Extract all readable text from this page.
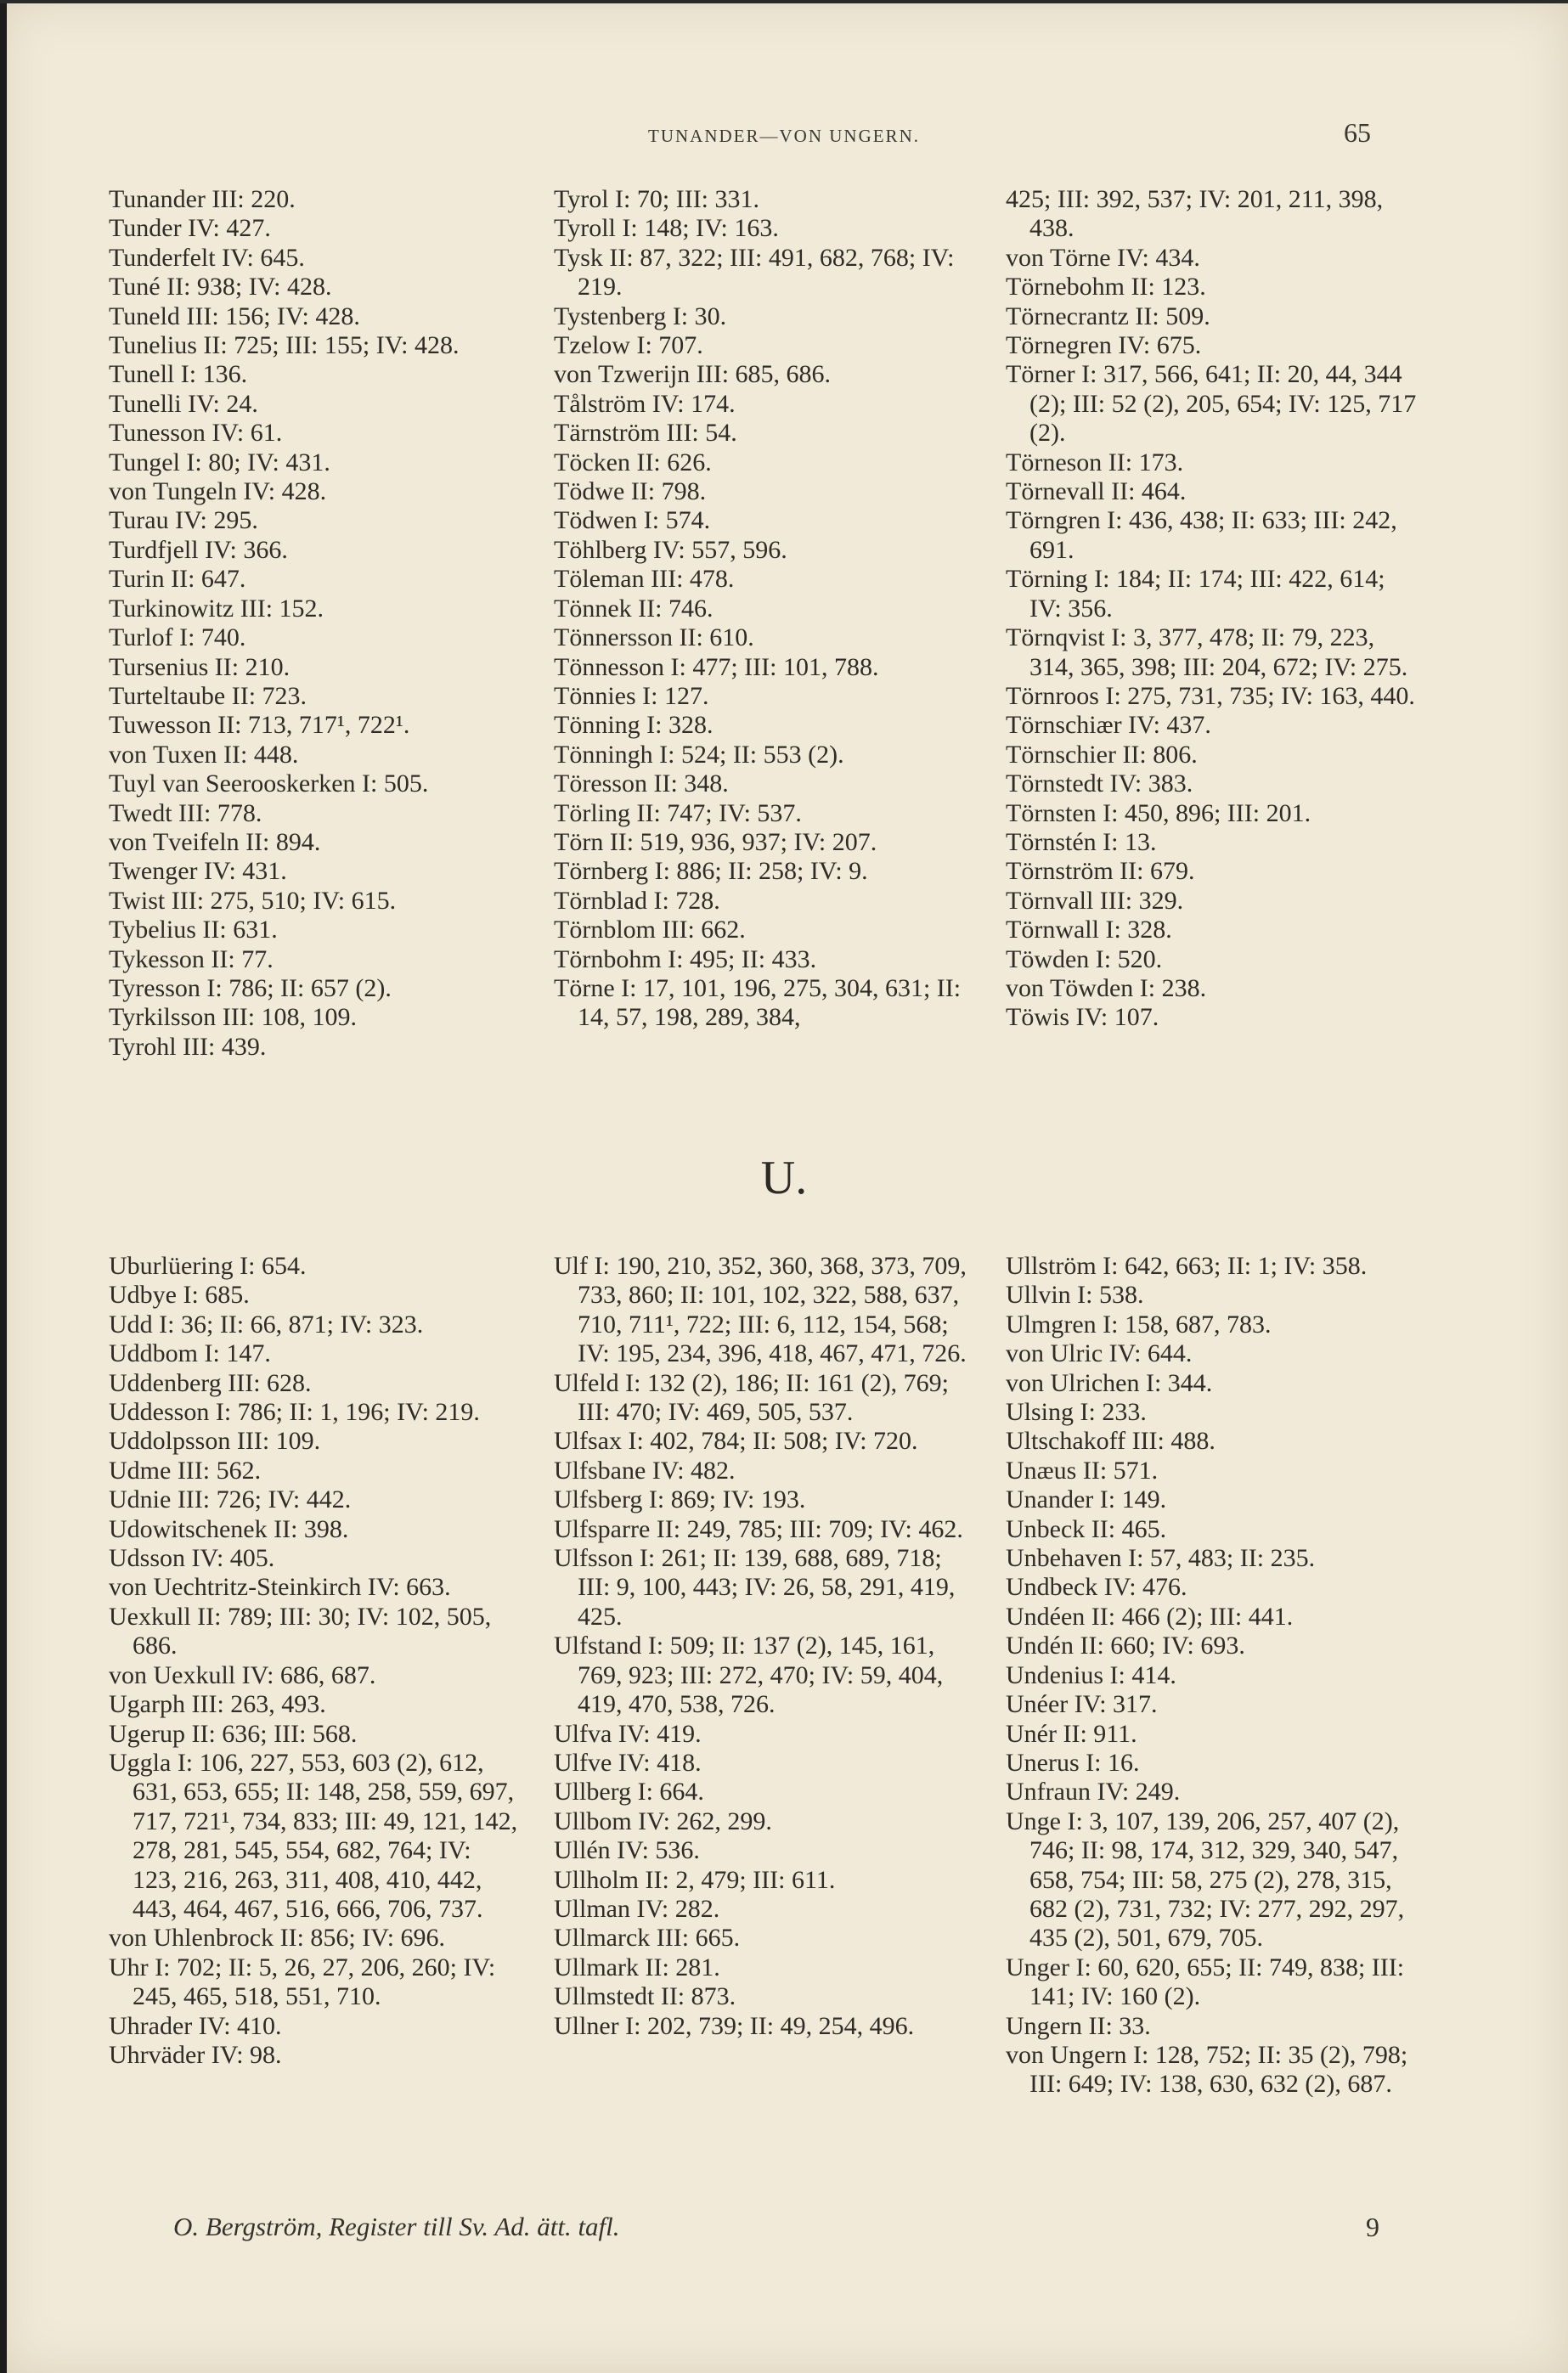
TUNANDER—VON UNGERN.	65
Tunander III: 220.
Tunder IV: 427.
Tunderfelt IV: 645.
Tuné II: 938; IV: 428.
Tuneld III: 156; IV: 428.
Tunelius II: 725; III: 155; IV: 428.
Tunell I: 136.
Tunelli IV: 24.
Tunesson IV: 61.
Tungel I: 80; IV: 431.
von Tungeln IV: 428.
Turau IV: 295.
Turdfjell IV: 366.
Turin II: 647.
Turkinowitz III: 152.
Turlof I: 740.
Tursenius II: 210.
Turteltaube II: 723.
Tuwesson II: 713, 717¹, 722¹.
von Tuxen II: 448.
Tuyl van Seerooskerken I: 505.
Twedt III: 778.
von Tveifeln II: 894.
Twenger IV: 431.
Twist III: 275, 510; IV: 615.
Tybelius II: 631.
Tykesson II: 77.
Tyresson I: 786; II: 657 (2).
Tyrkilsson III: 108, 109.
Tyrohl III: 439.
Tyrol I: 70; III: 331.
Tyroll I: 148; IV: 163.
Tysk II: 87, 322; III: 491, 682, 768; IV: 219.
Tystenberg I: 30.
Tzelow I: 707.
von Tzwerijn III: 685, 686.
Tålström IV: 174.
Tärnström III: 54.
Töcken II: 626.
Tödwe II: 798.
Tödwen I: 574.
Töhlberg IV: 557, 596.
Töleman III: 478.
Tönnek II: 746.
Tönnersson II: 610.
Tönnesson I: 477; III: 101, 788.
Tönnies I: 127.
Tönning I: 328.
Tönningh I: 524; II: 553 (2).
Töresson II: 348.
Törling II: 747; IV: 537.
Törn II: 519, 936, 937; IV: 207.
Törnberg I: 886; II: 258; IV: 9.
Törnblad I: 728.
Törnblom III: 662.
Törnbohm I: 495; II: 433.
Törne I: 17, 101, 196, 275, 304, 631; II: 14, 57, 198, 289, 384,
425; III: 392, 537; IV: 201, 211, 398, 438.
von Törne IV: 434.
Törnebohm II: 123.
Törnecrantz II: 509.
Törnegren IV: 675.
Törner I: 317, 566, 641; II: 20, 44, 344 (2); III: 52 (2), 205, 654; IV: 125, 717 (2).
Törneson II: 173.
Törnevall II: 464.
Törngren I: 436, 438; II: 633; III: 242, 691.
Törning I: 184; II: 174; III: 422, 614; IV: 356.
Törnqvist I: 3, 377, 478; II: 79, 223, 314, 365, 398; III: 204, 672; IV: 275.
Törnroos I: 275, 731, 735; IV: 163, 440.
Törnschiær IV: 437.
Törnschier II: 806.
Törnstedt IV: 383.
Törnsten I: 450, 896; III: 201.
Törnstén I: 13.
Törnström II: 679.
Törnvall III: 329.
Törnwall I: 328.
Töwden I: 520.
von Töwden I: 238.
Töwis IV: 107.
U.
Uburlüering I: 654.
Udbye I: 685.
Udd I: 36; II: 66, 871; IV: 323.
Uddbom I: 147.
Uddenberg III: 628.
Uddesson I: 786; II: 1, 196; IV: 219.
Uddolpsson III: 109.
Udme III: 562.
Udnie III: 726; IV: 442.
Udowitschenek II: 398.
Udsson IV: 405.
von Uechtritz-Steinkirch IV: 663.
Uexkull II: 789; III: 30; IV: 102, 505, 686.
von Uexkull IV: 686, 687.
Ugarph III: 263, 493.
Ugerup II: 636; III: 568.
Uggla I: 106, 227, 553, 603 (2), 612, 631, 653, 655; II: 148, 258, 559, 697, 717, 721¹, 734, 833; III: 49, 121, 142, 278, 281, 545, 554, 682, 764; IV: 123, 216, 263, 311, 408, 410, 442, 443, 464, 467, 516, 666, 706, 737.
von Uhlenbrock II: 856; IV: 696.
Uhr I: 702; II: 5, 26, 27, 206, 260; IV: 245, 465, 518, 551, 710.
Uhrader IV: 410.
Uhrväder IV: 98.
Ulf I: 190, 210, 352, 360, 368, 373, 709, 733, 860; II: 101, 102, 322, 588, 637, 710, 711¹, 722; III: 6, 112, 154, 568; IV: 195, 234, 396, 418, 467, 471, 726.
Ulfeld I: 132 (2), 186; II: 161 (2), 769; III: 470; IV: 469, 505, 537.
Ulfsax I: 402, 784; II: 508; IV: 720.
Ulfsbane IV: 482.
Ulfsberg I: 869; IV: 193.
Ulfsparre II: 249, 785; III: 709; IV: 462.
Ulfsson I: 261; II: 139, 688, 689, 718; III: 9, 100, 443; IV: 26, 58, 291, 419, 425.
Ulfstand I: 509; II: 137 (2), 145, 161, 769, 923; III: 272, 470; IV: 59, 404, 419, 470, 538, 726.
Ulfva IV: 419.
Ulfve IV: 418.
Ullberg I: 664.
Ullbom IV: 262, 299.
Ullén IV: 536.
Ullholm II: 2, 479; III: 611.
Ullman IV: 282.
Ullmarck III: 665.
Ullmark II: 281.
Ullmstedt II: 873.
Ullner I: 202, 739; II: 49, 254, 496.
Ullström I: 642, 663; II: 1; IV: 358.
Ullvin I: 538.
Ulmgren I: 158, 687, 783.
von Ulric IV: 644.
von Ulrichen I: 344.
Ulsing I: 233.
Ultschakoff III: 488.
Unæus II: 571.
Unander I: 149.
Unbeck II: 465.
Unbehaven I: 57, 483; II: 235.
Undbeck IV: 476.
Undéen II: 466 (2); III: 441.
Undén II: 660; IV: 693.
Undenius I: 414.
Unéer IV: 317.
Unér II: 911.
Unerus I: 16.
Unfraun IV: 249.
Unge I: 3, 107, 139, 206, 257, 407 (2), 746; II: 98, 174, 312, 329, 340, 547, 658, 754; III: 58, 275 (2), 278, 315, 682 (2), 731, 732; IV: 277, 292, 297, 435 (2), 501, 679, 705.
Unger I: 60, 620, 655; II: 749, 838; III: 141; IV: 160 (2).
Ungern II: 33.
von Ungern I: 128, 752; II: 35 (2), 798; III: 649; IV: 138, 630, 632 (2), 687.
O. Bergström, Register till Sv. Ad. ätt. tafl.	9
